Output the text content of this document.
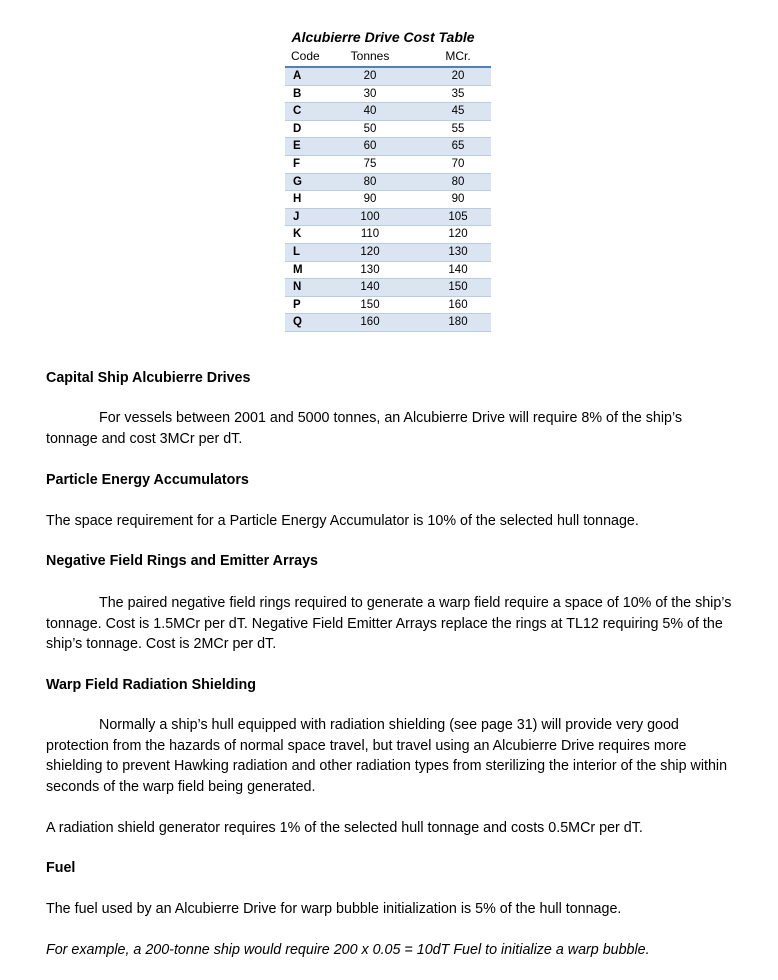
Alcubierre Drive Cost Table
Code	Tonnes	MCr.
A	20	20
B	30	35
C	40	45
D	50	55
E	60	65
F	75	70
G	80	80
H	90	90
J	100	105
K	110	120
L	120	130
M	130	140
N	140	150
P	150	160
Q	160	180
Capital Ship Alcubierre Drives
For vessels between 2001 and 5000 tonnes, an Alcubierre Drive will require 8% of the ship’s tonnage and cost 3MCr per dT.
Particle Energy Accumulators
The space requirement for a Particle Energy Accumulator is 10% of the selected hull tonnage.
Negative Field Rings and Emitter Arrays
The paired negative field rings required to generate a warp field require a space of 10% of the ship’s tonnage. Cost is 1.5MCr per dT. Negative Field Emitter Arrays replace the rings at TL12 requiring 5% of the ship’s tonnage. Cost is 2MCr per dT.
Warp Field Radiation Shielding
Normally a ship’s hull equipped with radiation shielding (see page 31) will provide very good protection from the hazards of normal space travel, but travel using an Alcubierre Drive requires more shielding to prevent Hawking radiation and other radiation types from sterilizing the interior of the ship within seconds of the warp field being generated.
A radiation shield generator requires 1% of the selected hull tonnage and costs 0.5MCr per dT.
Fuel
The fuel used by an Alcubierre Drive for warp bubble initialization is 5% of the hull tonnage.
For example, a 200-tonne ship would require 200 x 0.05 = 10dT Fuel to initialize a warp bubble.
